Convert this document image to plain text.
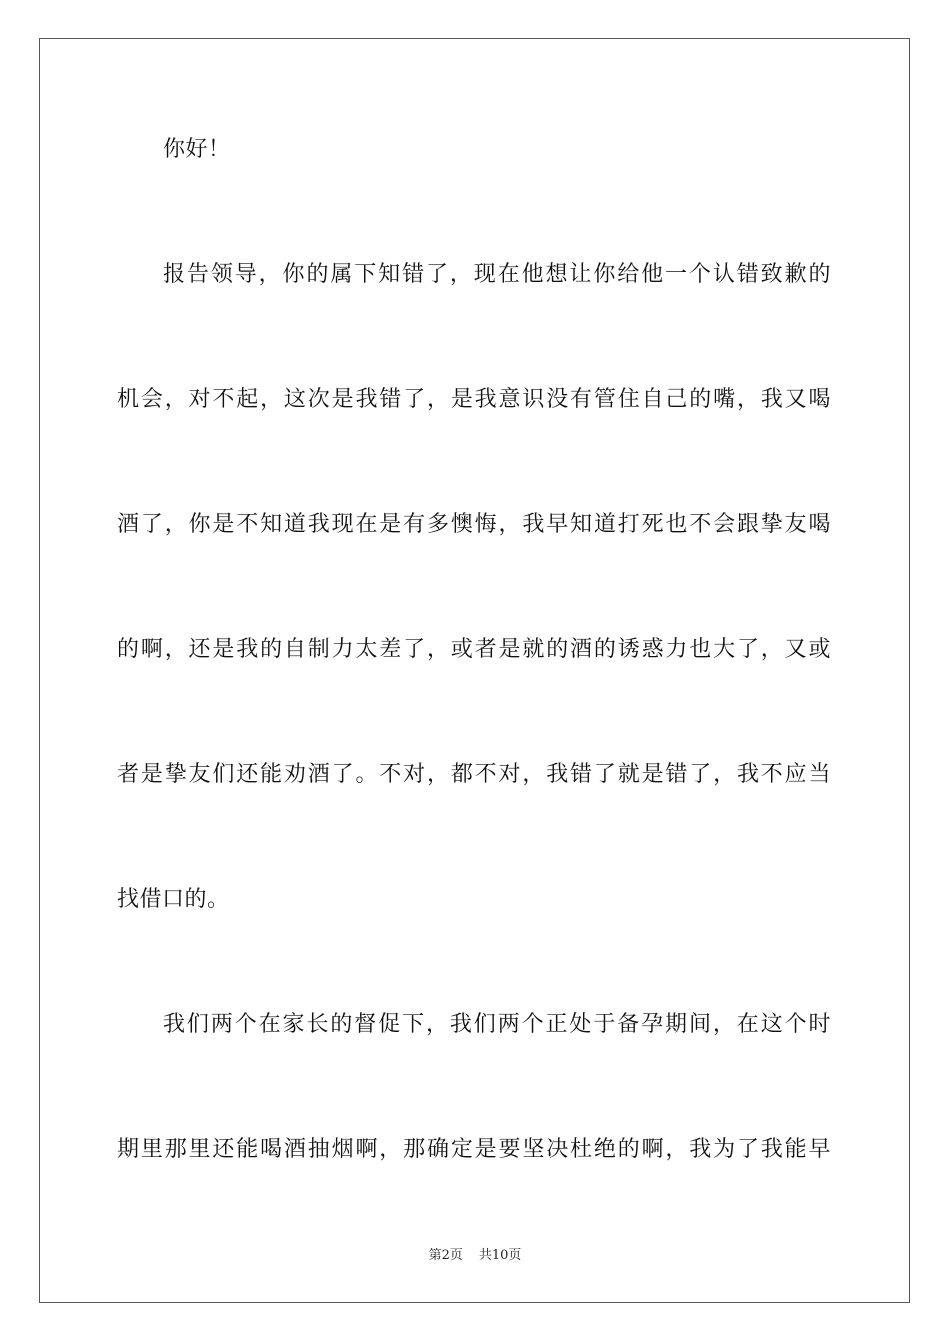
你好！
报告领导，你的属下知错了，现在他想让你给他一个认错致歉的
机会，对不起，这次是我错了，是我意识没有管住自己的嘴，我又喝
酒了，你是不知道我现在是有多懊悔，我早知道打死也不会跟挚友喝
的啊，还是我的自制力太差了，或者是就的酒的诱惑力也大了，又或
者是挚友们还能劝酒了。不对，都不对，我错了就是错了，我不应当
找借口的。
我们两个在家长的督促下，我们两个正处于备孕期间，在这个时
期里那里还能喝酒抽烟啊，那确定是要坚决杜绝的啊，我为了我能早
第2页 共10页
